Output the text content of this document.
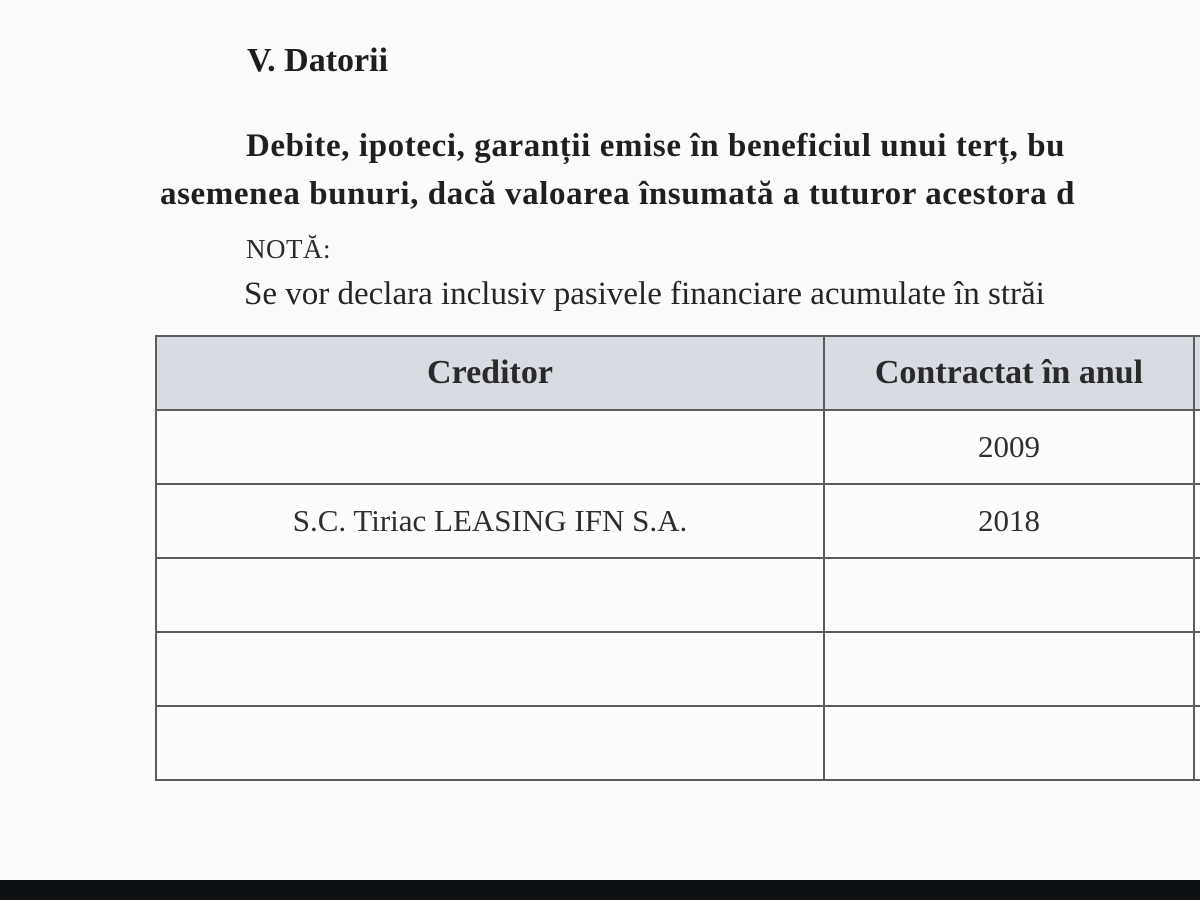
V. Datorii
Debite, ipoteci, garanții emise în beneficiul unui terț, bu
asemenea bunuri, dacă valoarea însumată a tuturor acestora d
NOTĂ:
Se vor declara inclusiv pasivele financiare acumulate în străi
Creditor	Contractat în anul	
	2009	
S.C. Tiriac LEASING IFN S.A.	2018	
